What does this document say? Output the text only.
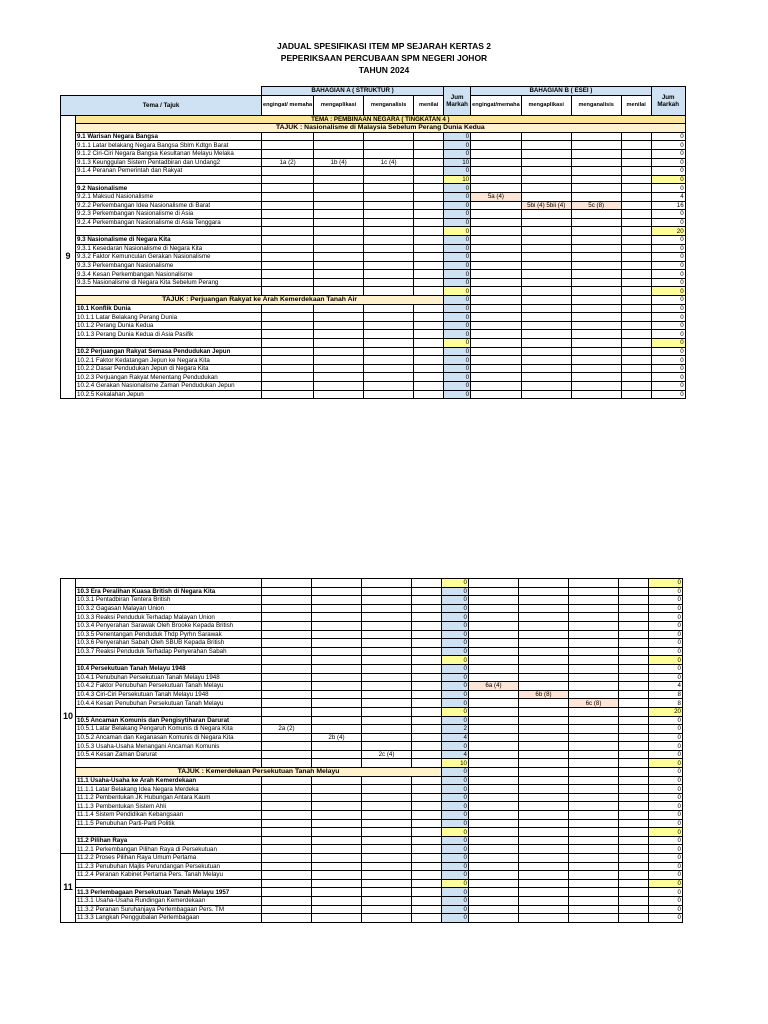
JADUAL SPESIFIKASI ITEM MP SEJARAH KERTAS 2
PEPERIKSAAN PERCUBAAN SPM NEGERI JOHOR
TAHUN 2024
		BAHAGIAN A ( STRUKTUR )				Jum
Markah	BAHAGIAN B ( ESEI )				Jum
Markah
Tema / Tajuk		engingat/ memaha	mengaplikasi	menganalisis	menilai		engingat/memaha	mengaplikasi	menganalisis	menilai	
9	TEMA : PEMBINAAN NEGARA ( TINGKATAN 4 )										
	TAJUK : Nasionalisme di Malaysia Sebelum Perang Dunia Kedua										
	9.1 Warisan Negara Bangsa					0					0
	9.1.1 Latar belakang Negara Bangsa Sblm Kdtgn Barat					0					0
	9.1.2 Ciri-Ciri Negara Bangsa Kesultanan Melayu Melaka					0					0
	9.1.3 Keunggulan Sistem Pentadbiran dan Undang2	1a (2)	1b (4)	1c (4)		10					0
	9.1.4 Peranan Pemerintah dan Rakyat					0					0
						10					0
	9.2 Nasionalisme					0					0
	9.2.1 Maksud Nasionalisme					0	5a (4)				4
	9.2.2 Perkembangan Idea Nasionalisme di Barat					0		5bi (4) 5bii (4)	5c (8)		16
	9.2.3 Perkembangan Nasionalisme di Asia					0					0
	9.2.4 Perkembangan Nasionalisme di Asia Tenggara					0					0
						0					20
	9.3 Nasionalisme di Negara Kita					0					0
	9.3.1 Kesedaran Nasionalisme di Negara Kita					0					0
	9.3.2 Faktor Kemunculan Gerakan Nasionalisme					0					0
	9.3.3 Perkembangan Nasionalisme					0					0
	9.3.4 Kesan Perkembangan Nasionalisme					0					0
	9.3.5 Nasionalisme di Negara Kita Sebelum Perang					0					0
						0					0
	TAJUK : Perjuangan Rakyat ke Arah Kemerdekaan Tanah Air					0					0
	10.1 Konflik Dunia					0					0
	10.1.1 Latar Belakang Perang Dunia					0					0
	10.1.2 Perang Dunia Kedua					0					0
	10.1.3 Perang Dunia Kedua di Asia Pasifik					0					0
						0					0
	10.2 Perjuangan Rakyat Semasa Pendudukan Jepun					0					0
	10.2.1 Faktor Kedatangan Jepun ke Negara Kita					0					0
	10.2.2 Dasar Pendudukan Jepun di Negara Kita					0					0
	10.2.3 Perjuangan Rakyat Menentang Pendudukan					0					0
	10.2.4 Gerakan Nasionalisme Zaman Pendudukan Jepun					0					0
	10.2.5 Kekalahan Jepun					0					0
10						0					0
	10.3 Era Peralihan Kuasa British di Negara Kita					0					0
	10.3.1 Pentadbiran Tentera British					0					0
	10.3.2 Gagasan Malayan Union					0					0
	10.3.3 Reaksi Penduduk Terhadap Malayan Union					0					0
	10.3.4 Penyerahan Sarawak Oleh Brooke Kepada British					0					0
	10.3.5 Penentangan Penduduk Thdp Pyrhn Sarawak					0					0
	10.3.6 Penyerahan Sabah Oleh SBUB Kepada British					0					0
	10.3.7 Reaksi Penduduk Terhadap Penyerahan Sabah					0					0
						0					0
	10.4 Persekutuan Tanah Melayu 1948					0					0
	10.4.1 Penubuhan Persekutuan Tanah Melayu 1948					0					0
	10.4.2 Faktor Penubuhan Persekutuan Tanah Melayu					0	6a (4)				4
	10.4.3 Ciri-Ciri Persekutuan Tanah Melayu 1948					0		6b (8)			8
	10.4.4 Kesan Penubuhan Persekutuan Tanah Melayu					0			6c (8)		8
						0					20
	10.5 Ancaman Komunis dan Pengisytiharan Darurat					0					0
	10.5.1 Latar Belakang Pengaruh Komunis di Negara Kita	2a (2)				2					0
	10.5.2 Ancaman dan Keganasan Komunis di Negara Kita		2b (4)			4					0
	10.5.3 Usaha-Usaha Menangani Ancaman Komunis					0					0
	10.5.4 Kesan Zaman Darurat			2c (4)		4					0
						10					0
	TAJUK : Kemerdekaan Persekutuan Tanah Melayu					0					0
	11.1 Usaha-Usaha ke Arah Kemerdekaan					0					0
	11.1.1 Latar Belakang Idea Negara Merdeka					0					0
	11.1.2 Pembentukan JK Hubungan Antara Kaum					0					0
	11.1.3 Pembentukan Sistem Ahli					0					0
	11.1.4 Sistem Pendidikan Kebangsaan					0					0
	11.1.5 Penubuhan Parti-Parti Politik					0					0
						0					0
	11.2 Pilihan Raya					0					0
	11.2.1 Perkembangan Pilihan Raya di Persekutuan					0					0
11	11.2.2 Proses Pilihan Raya Umum Pertama					0					0
	11.2.3 Penubuhan Majlis Perundangan Persekutuan					0					0
	11.2.4 Peranan Kabinet Pertama Pers. Tanah Melayu					0					0
						0					0
	11.3 Perlembagaan Persekutuan Tanah Melayu 1957					0					0
	11.3.1 Usaha-Usaha Rundingan Kemerdekaan					0					0
	11.3.2 Peranan Suruhanjaya Perlembagaan Pers. TM					0					0
	11.3.3 Langkah Penggubalan Perlembagaan					0					0
